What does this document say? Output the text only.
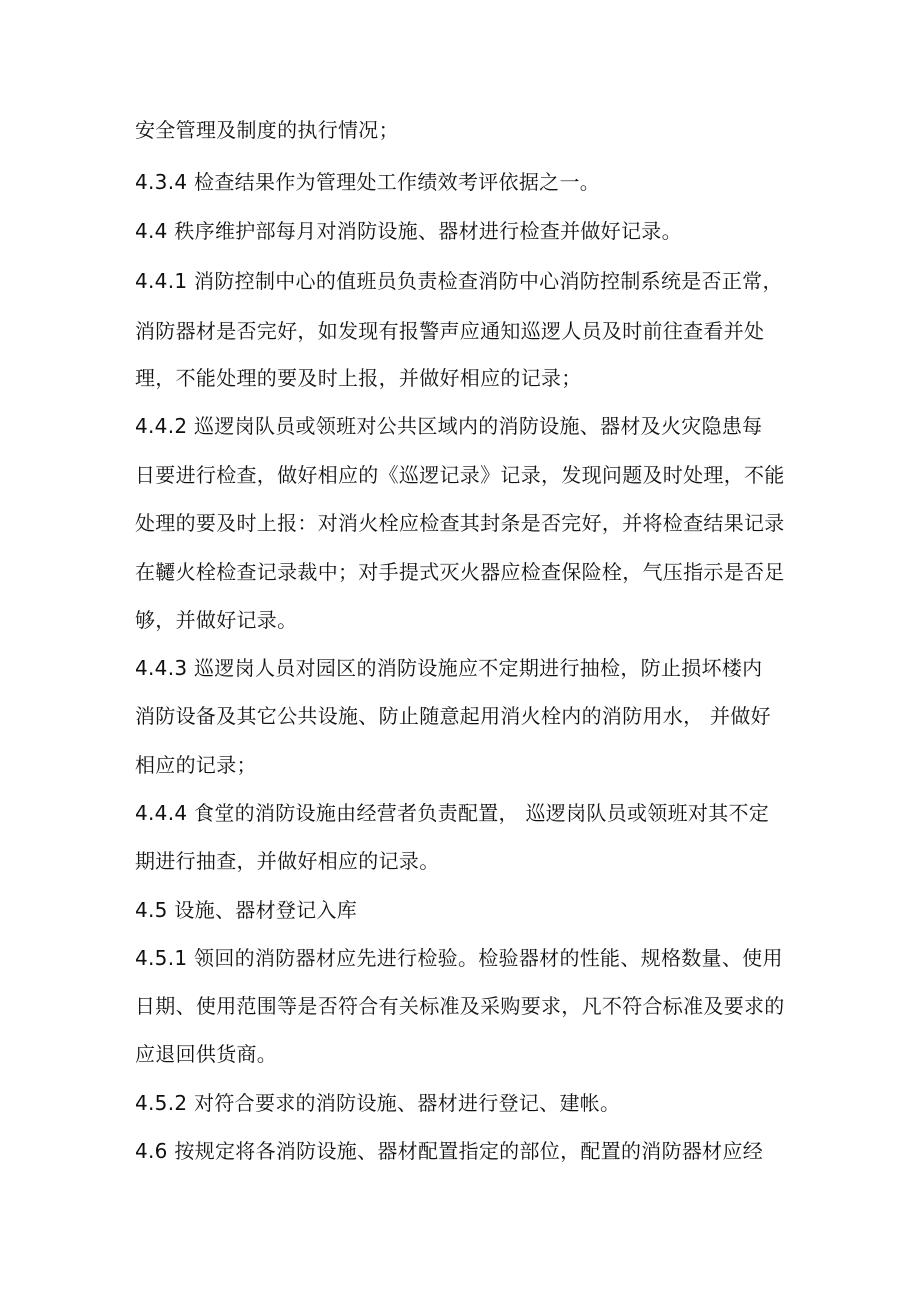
安全管理及制度的执行情况；
4.3.4 检查结果作为管理处工作绩效考评依据之一。
4.4 秩序维护部每月对消防设施、器材进行检查并做好记录。
4.4.1 消防控制中心的值班员负责检查消防中心消防控制系统是否正常，
消防器材是否完好，如发现有报警声应通知巡逻人员及时前往查看并处
理，不能处理的要及时上报，并做好相应的记录；
4.4.2 巡逻岗队员或领班对公共区域内的消防设施、器材及火灾隐患每
日要进行检查，做好相应的《巡逻记录》记录，发现问题及时处理，不能
处理的要及时上报：对消火栓应检查其封条是否完好，并将检查结果记录
在韆火栓检查记录裁中；对手提式灭火器应检查保险栓，气压指示是否足
够，并做好记录。
4.4.3 巡逻岗人员对园区的消防设施应不定期进行抽检，防止损坏楼内
消防设备及其它公共设施、防止随意起用消火栓内的消防用水， 并做好
相应的记录；
4.4.4 食堂的消防设施由经营者负责配置， 巡逻岗队员或领班对其不定
期进行抽查，并做好相应的记录。
4.5 设施、器材登记入库
4.5.1 领回的消防器材应先进行检验。检验器材的性能、规格数量、使用
日期、使用范围等是否符合有关标准及采购要求，凡不符合标准及要求的
应退回供货商。
4.5.2 对符合要求的消防设施、器材进行登记、建帐。
4.6 按规定将各消防设施、器材配置指定的部位，配置的消防器材应经
